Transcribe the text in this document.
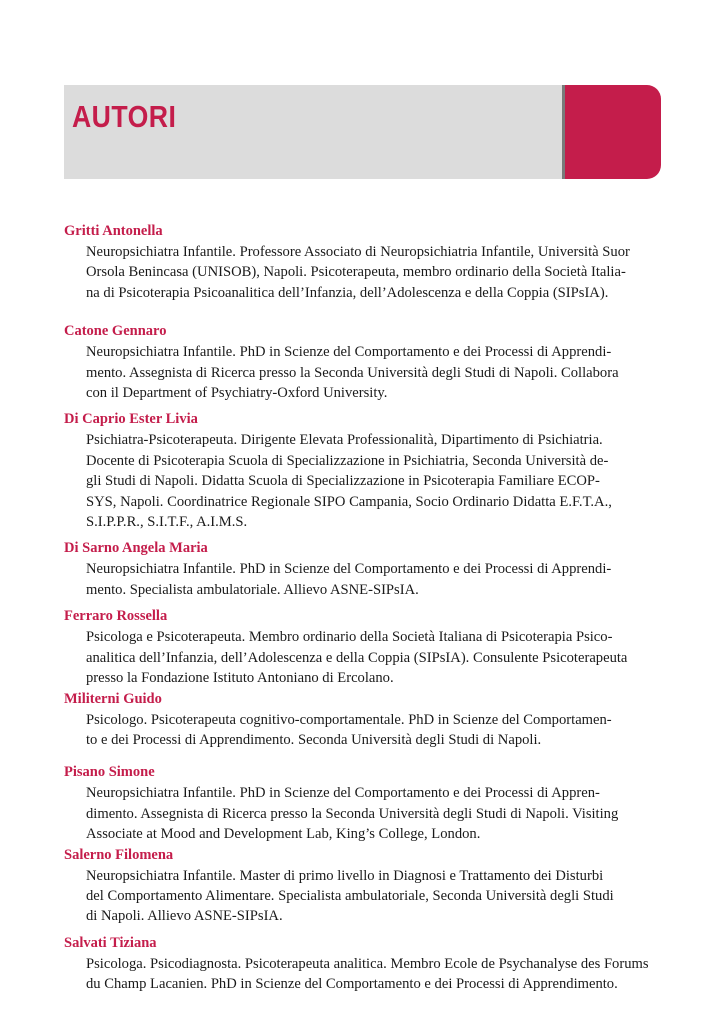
AUTORI
Gritti Antonella
Neuropsichiatra Infantile. Professore Associato di Neuropsichiatria Infantile, Università Suor
Orsola Benincasa (UNISOB), Napoli. Psicoterapeuta, membro ordinario della Società Italia-
na di Psicoterapia Psicoanalitica dell’Infanzia, dell’Adolescenza e della Coppia (SIPsIA).
Catone Gennaro
Neuropsichiatra Infantile. PhD in Scienze del Comportamento e dei Processi di Apprendi-
mento. Assegnista di Ricerca presso la Seconda Università degli Studi di Napoli. Collabora
con il Department of Psychiatry-Oxford University.
Di Caprio Ester Livia
Psichiatra-Psicoterapeuta. Dirigente Elevata Professionalità, Dipartimento di Psichiatria.
Docente di Psicoterapia Scuola di Specializzazione in Psichiatria, Seconda Università de-
gli Studi di Napoli. Didatta Scuola di Specializzazione in Psicoterapia Familiare ECOP-
SYS, Napoli. Coordinatrice Regionale SIPO Campania, Socio Ordinario Didatta E.F.T.A.,
S.I.P.P.R., S.I.T.F., A.I.M.S.
Di Sarno Angela Maria
Neuropsichiatra Infantile. PhD in Scienze del Comportamento e dei Processi di Apprendi-
mento. Specialista ambulatoriale. Allievo ASNE-SIPsIA.
Ferraro Rossella
Psicologa e Psicoterapeuta. Membro ordinario della Società Italiana di Psicoterapia Psico-
analitica dell’Infanzia, dell’Adolescenza e della Coppia (SIPsIA). Consulente Psicoterapeuta
presso la Fondazione Istituto Antoniano di Ercolano.
Militerni Guido
Psicologo. Psicoterapeuta cognitivo-comportamentale. PhD in Scienze del Comportamen-
to e dei Processi di Apprendimento. Seconda Università degli Studi di Napoli.
Pisano Simone
Neuropsichiatra Infantile. PhD in Scienze del Comportamento e dei Processi di Appren-
dimento. Assegnista di Ricerca presso la Seconda Università degli Studi di Napoli. Visiting
Associate at Mood and Development Lab, King’s College, London.
Salerno Filomena
Neuropsichiatra Infantile. Master di primo livello in Diagnosi e Trattamento dei Disturbi
del Comportamento Alimentare. Specialista ambulatoriale, Seconda Università degli Studi
di Napoli. Allievo ASNE-SIPsIA.
Salvati Tiziana
Psicologa. Psicodiagnosta. Psicoterapeuta analitica. Membro Ecole de Psychanalyse des Forums
du Champ Lacanien. PhD in Scienze del Comportamento e dei Processi di Apprendimento.
